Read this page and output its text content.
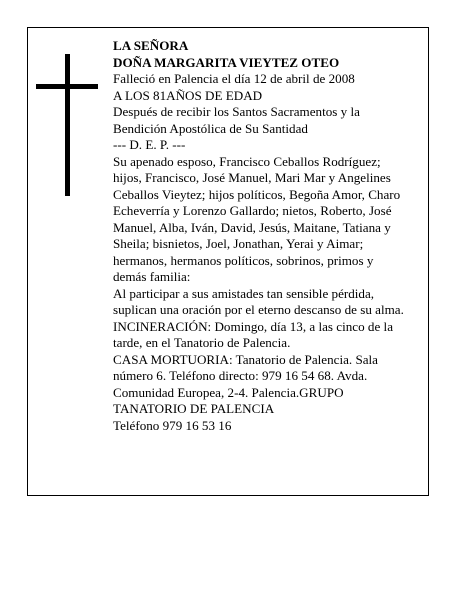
LA SEÑORA
DOÑA MARGARITA VIEYTEZ OTEO
Falleció en Palencia el día 12 de abril de 2008
A LOS 81AÑOS DE EDAD
Después de recibir los Santos Sacramentos y la
Bendición Apostólica de Su Santidad
--- D. E. P. ---
Su apenado esposo, Francisco Ceballos Rodríguez;
hijos, Francisco, José Manuel, Mari Mar y Angelines
Ceballos Vieytez; hijos políticos, Begoña Amor, Charo
Echeverría y Lorenzo Gallardo; nietos, Roberto, José
Manuel, Alba, Iván, David, Jesús, Maitane, Tatiana y
Sheila; bisnietos, Joel, Jonathan, Yerai y Aimar;
hermanos, hermanos políticos, sobrinos, primos y
demás familia:
Al participar a sus amistades tan sensible pérdida,
suplican una oración por el eterno descanso de su alma.
INCINERACIÓN: Domingo, día 13, a las cinco de la
tarde, en el Tanatorio de Palencia.
CASA MORTUORIA: Tanatorio de Palencia. Sala
número 6. Teléfono directo: 979 16 54 68. Avda.
Comunidad Europea, 2-4. Palencia.GRUPO
TANATORIO DE PALENCIA
Teléfono 979 16 53 16
